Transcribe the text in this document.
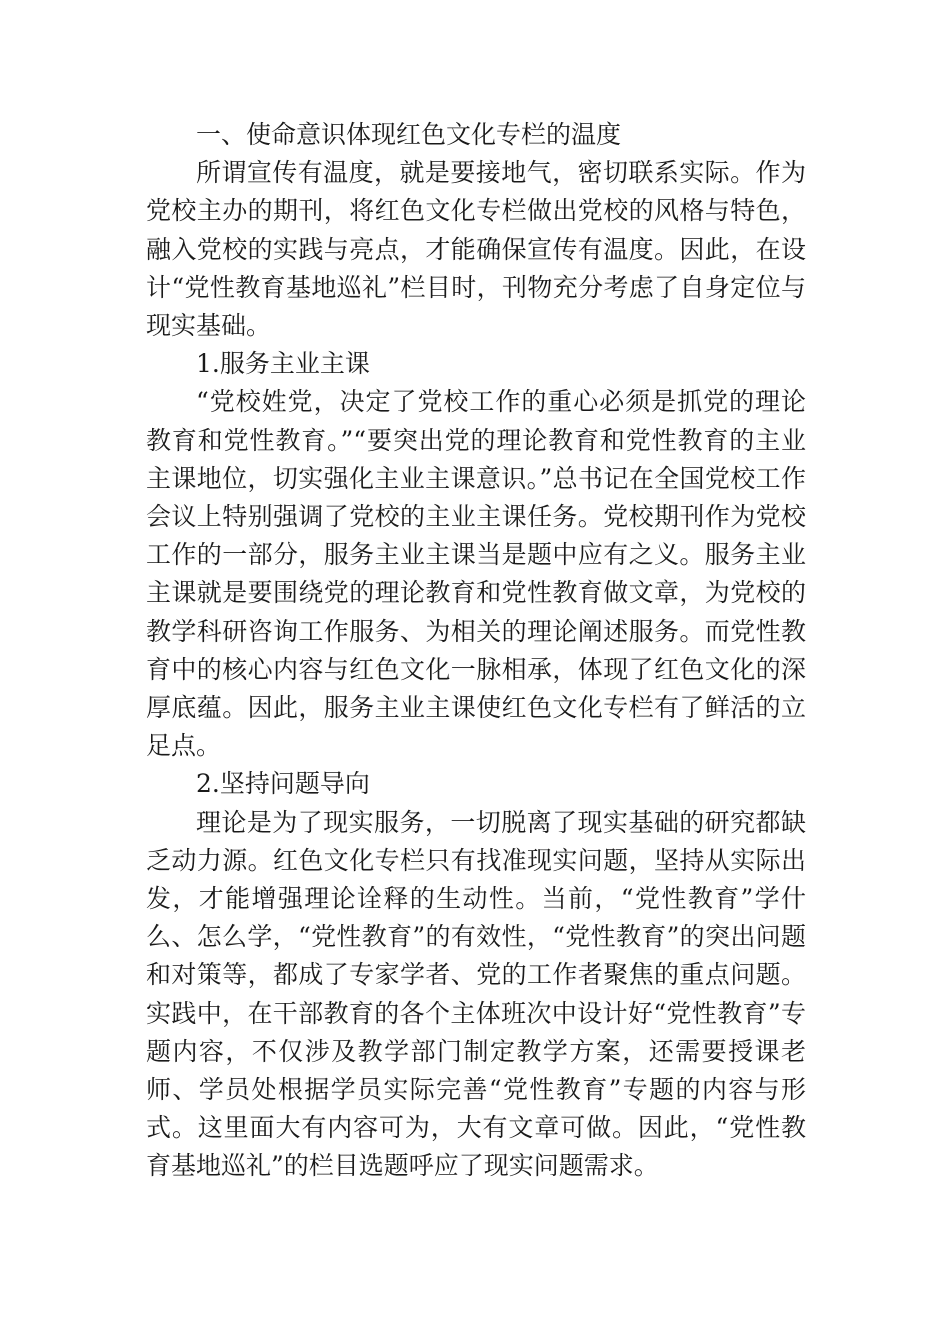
一、使命意识体现红色文化专栏的温度

所谓宣传有温度，就是要接地气，密切联系实际。作为党校主办的期刊，将红色文化专栏做出党校的风格与特色，融入党校的实践与亮点，才能确保宣传有温度。因此，在设计“党性教育基地巡礼”栏目时，刊物充分考虑了自身定位与现实基础。

1.服务主业主课

“党校姓党，决定了党校工作的重心必须是抓党的理论教育和党性教育。”“要突出党的理论教育和党性教育的主业主课地位，切实强化主业主课意识。”总书记在全国党校工作会议上特别强调了党校的主业主课任务。党校期刊作为党校工作的一部分，服务主业主课当是题中应有之义。服务主业主课就是要围绕党的理论教育和党性教育做文章，为党校的教学科研咨询工作服务、为相关的理论阐述服务。而党性教育中的核心内容与红色文化一脉相承，体现了红色文化的深厚底蕴。因此，服务主业主课使红色文化专栏有了鲜活的立足点。

2.坚持问题导向

理论是为了现实服务，一切脱离了现实基础的研究都缺乏动力源。红色文化专栏只有找准现实问题，坚持从实际出发，才能增强理论诠释的生动性。当前，“党性教育”学什么、怎么学，“党性教育”的有效性，“党性教育”的突出问题和对策等，都成了专家学者、党的工作者聚焦的重点问题。实践中，在干部教育的各个主体班次中设计好“党性教育”专题内容，不仅涉及教学部门制定教学方案，还需要授课老师、学员处根据学员实际完善“党性教育”专题的内容与形式。这里面大有内容可为，大有文章可做。因此，“党性教育基地巡礼”的栏目选题呼应了现实问题需求。
